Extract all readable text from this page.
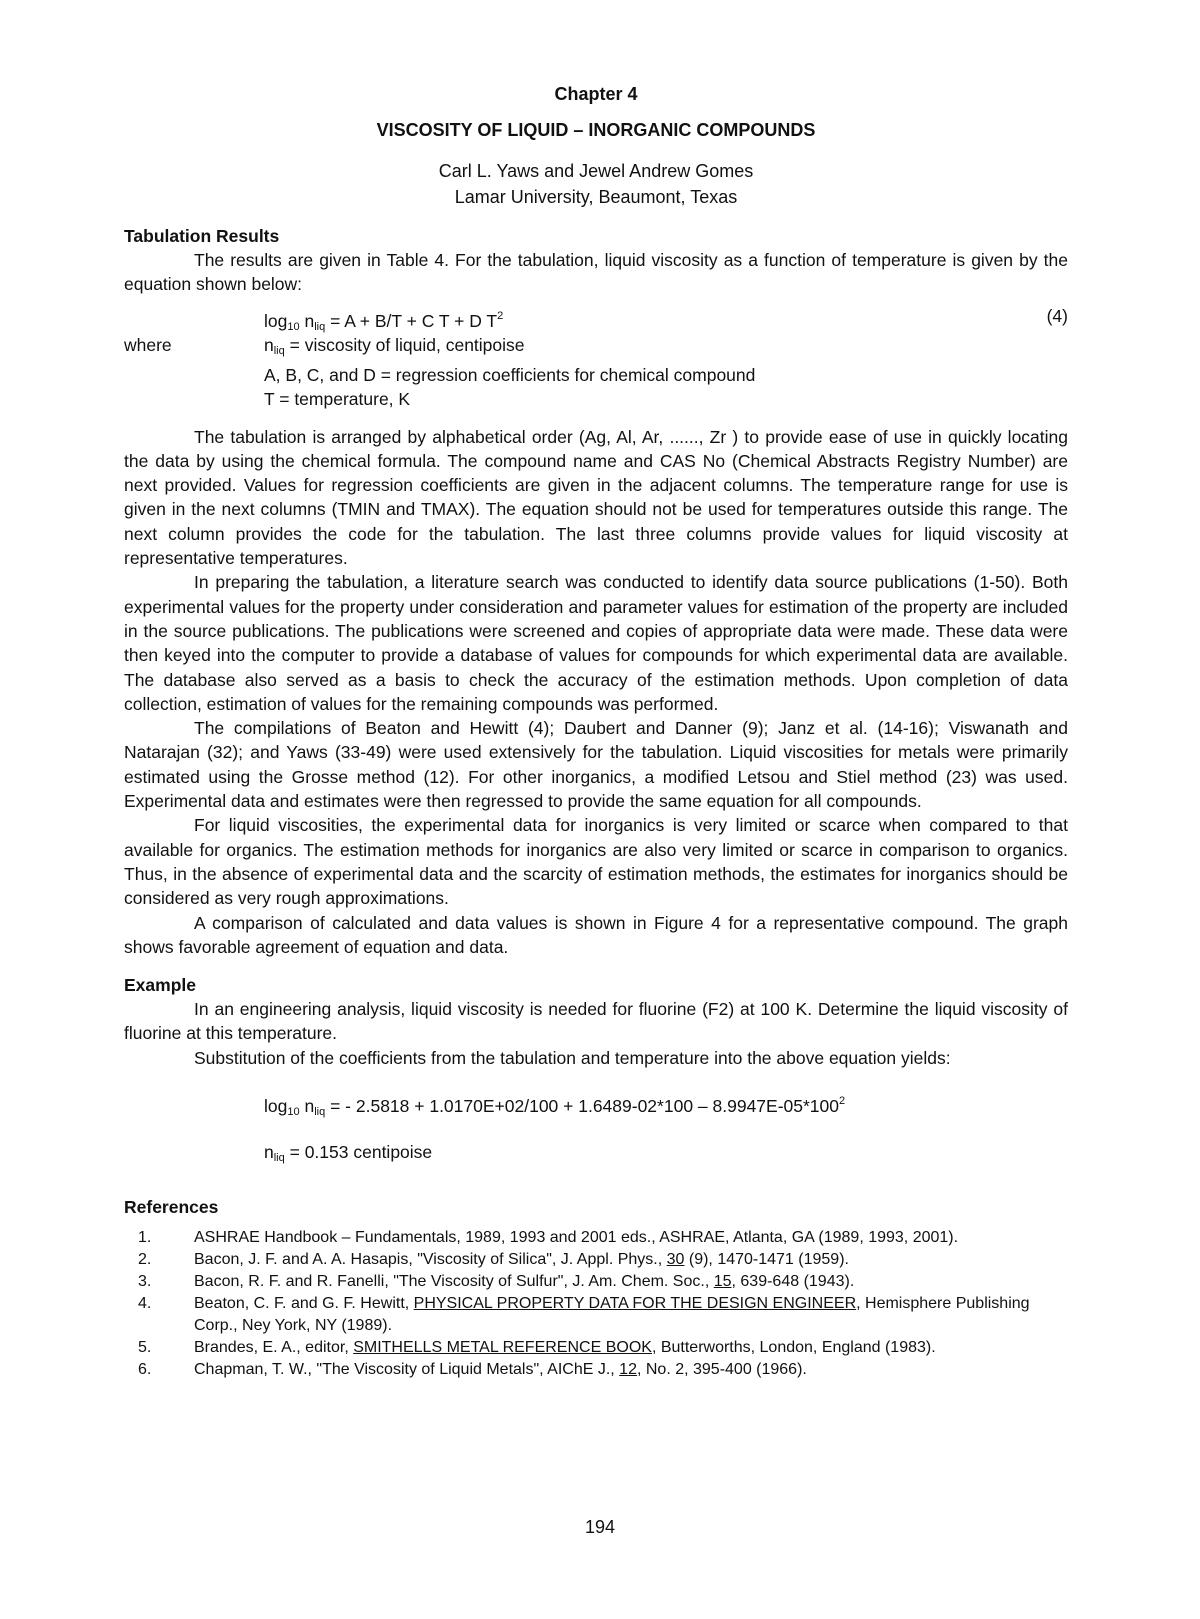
Chapter 4
VISCOSITY OF LIQUID – INORGANIC COMPOUNDS
Carl L. Yaws and Jewel Andrew Gomes
Lamar University, Beaumont, Texas
Tabulation Results

The results are given in Table 4. For the tabulation, liquid viscosity as a function of temperature is given by the equation shown below:

$\log_{10} n_{liq} = A + B/T + C$ T + D $T^2$	(4)
where	$n_{liq}$ = viscosity of liquid, centipoise
A, B, C, and D = regression coefficients for chemical compound
T = temperature, K

The tabulation is arranged by alphabetical order (Ag, Al, Ar, ......, Zr ) to provide ease of use in quickly locating the data by using the chemical formula. The compound name and CAS No (Chemical Abstracts Registry Number) are next provided. Values for regression coefficients are given in the adjacent columns. The temperature range for use is given in the next columns (TMIN and TMAX). The equation should not be used for temperatures outside this range. The next column provides the code for the tabulation. The last three columns provide values for liquid viscosity at representative temperatures.

In preparing the tabulation, a literature search was conducted to identify data source publications (1-50). Both experimental values for the property under consideration and parameter values for estimation of the property are included in the source publications. The publications were screened and copies of appropriate data were made. These data were then keyed into the computer to provide a database of values for compounds for which experimental data are available. The database also served as a basis to check the accuracy of the estimation methods. Upon completion of data collection, estimation of values for the remaining compounds was performed.

The compilations of Beaton and Hewitt (4); Daubert and Danner (9); Janz et al. (14-16); Viswanath and Natarajan (32); and Yaws (33-49) were used extensively for the tabulation. Liquid viscosities for metals were primarily estimated using the Grosse method (12). For other inorganics, a modified Letsou and Stiel method (23) was used. Experimental data and estimates were then regressed to provide the same equation for all compounds.

For liquid viscosities, the experimental data for inorganics is very limited or scarce when compared to that available for organics. The estimation methods for inorganics are also very limited or scarce in comparison to organics. Thus, in the absence of experimental data and the scarcity of estimation methods, the estimates for inorganics should be considered as very rough approximations.

A comparison of calculated and data values is shown in Figure 4 for a representative compound. The graph shows favorable agreement of equation and data.

Example

In an engineering analysis, liquid viscosity is needed for fluorine (F2) at 100 K. Determine the liquid viscosity of fluorine at this temperature.

Substitution of the coefficients from the tabulation and temperature into the above equation yields:

$\log_{10} n_{liq}$ = - $2.5818 + 1.0170E+02/100 + 1.6489-02*100 - 8.9947E-05*100^2$
$n_{liq} = 0.153$ centipoise
References
1.	ASHRAE Handbook – Fundamentals, 1989, 1993 and 2001 eds., ASHRAE, Atlanta, GA (1989, 1993, 2001).
2.	Bacon, J. F. and A. A. Hasapis, "Viscosity of Silica", J. Appl. Phys., 30 (9), 1470-1471 (1959).
3.	Bacon, R. F. and R. Fanelli, "The Viscosity of Sulfur", J. Am. Chem. Soc., 15, 639-648 (1943).
4.	Beaton, C. F. and G. F. Hewitt, PHYSICAL PROPERTY DATA FOR THE DESIGN ENGINEER, Hemisphere Publishing Corp., Ney York, NY (1989).
5.	Brandes, E. A., editor, SMITHELLS METAL REFERENCE BOOK, Butterworths, London, England (1983).
6.	Chapman, T. W., "The Viscosity of Liquid Metals", AIChE J., 12, No. 2, 395-400 (1966).
194
